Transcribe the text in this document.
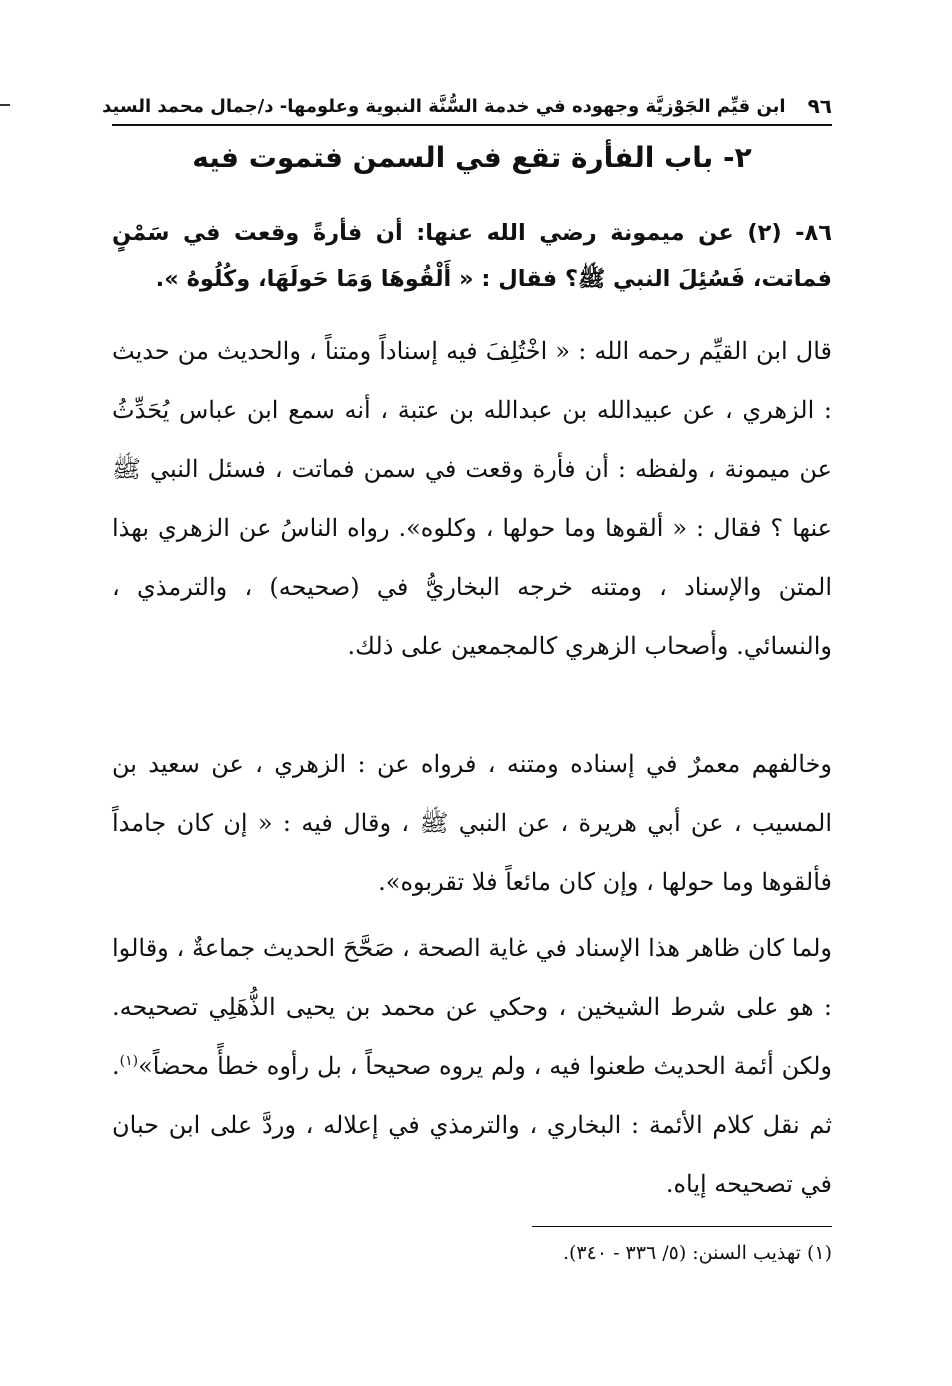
٩٦
ابن قيِّم الجَوْزيَّة وجهوده في خدمة السُّنَّة النبوية وعلومها- د/جمال محمد السيد
٢- باب الفأرة تقع في السمن فتموت فيه

٨٦- (٢) عن ميمونة رضي الله عنها: أن فأرةً وقعت في سَمْنٍ فماتت، فَسُئِلَ النبي ﷺ؟ فقال : « أَلْقُوهَا وَمَا حَولَهَا، وكُلُوهُ ».

قال ابن القيِّم رحمه الله : « اخْتُلِفَ فيه إسناداً ومتناً ، والحديث من حديث : الزهري ، عن عبيدالله بن عبدالله بن عتبة ، أنه سمع ابن عباس يُحَدِّثُ عن ميمونة ، ولفظه : أن فأرة وقعت في سمن فماتت ، فسئل النبي ﷺ عنها ؟ فقال : « ألقوها وما حولها ، وكلوه». رواه الناسُ عن الزهري بهذا المتن والإسناد ، ومتنه خرجه البخاريُّ في (صحيحه) ، والترمذي ، والنسائي. وأصحاب الزهري كالمجمعين على ذلك.

وخالفهم معمرٌ في إسناده ومتنه ، فرواه عن : الزهري ، عن سعيد بن المسيب ، عن أبي هريرة ، عن النبي ﷺ ، وقال فيه : « إن كان جامداً فألقوها وما حولها ، وإن كان مائعاً فلا تقربوه».

ولما كان ظاهر هذا الإسناد في غاية الصحة ، صَحَّحَ الحديث جماعةٌ ، وقالوا : هو على شرط الشيخين ، وحكي عن محمد بن يحيى الذُّهَلِي تصحيحه. ولكن أئمة الحديث طعنوا فيه ، ولم يروه صحيحاً ، بل رأوه خطأً محضاً»$^{(١)}$. ثم نقل كلام الأئمة : البخاري ، والترمذي في إعلاله ، وردَّ على ابن حبان في تصحيحه إياه.

(١) تهذيب السنن: (٥/ ٣٣٦ - ٣٤٠).
